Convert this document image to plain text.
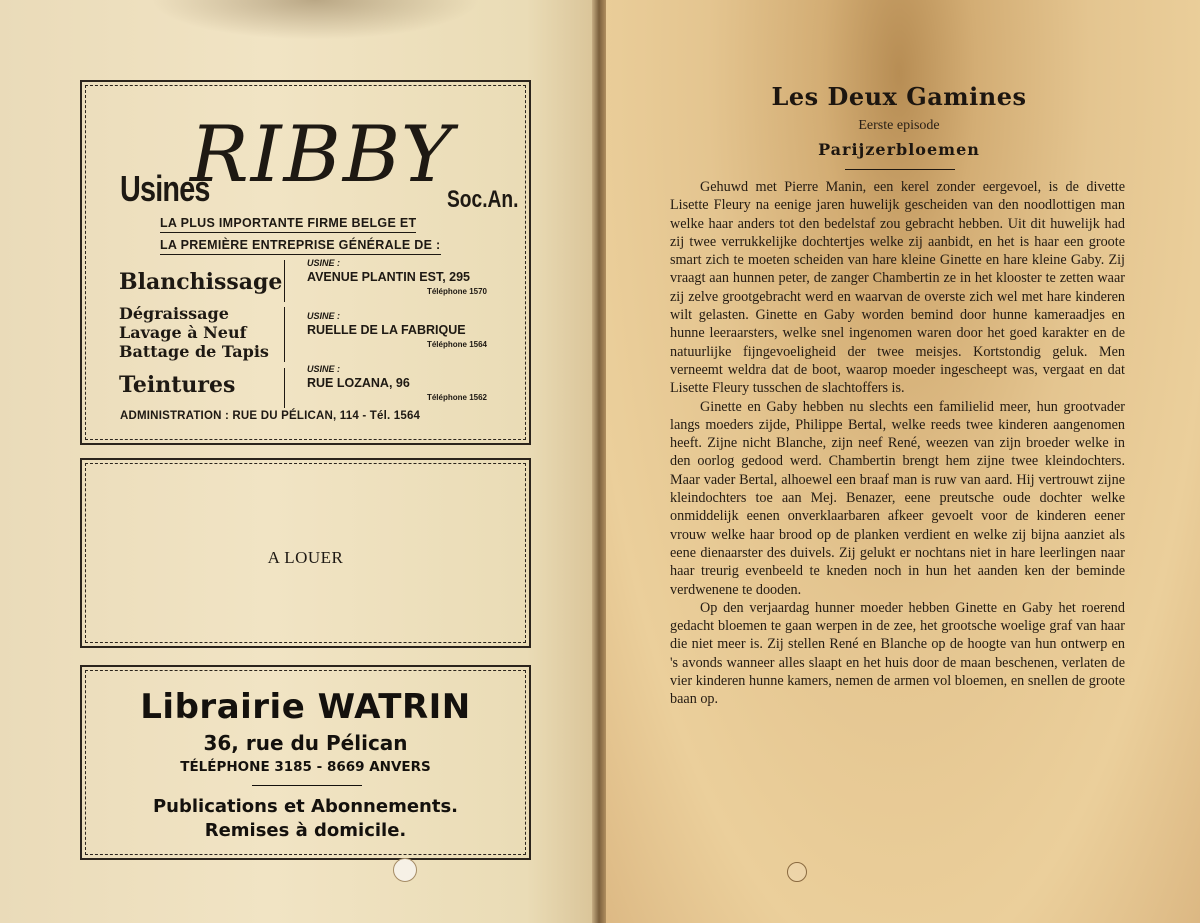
Usines
RIBBY
Soc.An.
LA PLUS IMPORTANTE FIRME BELGE ET
LA PREMIÈRE ENTREPRISE GÉNÉRALE DE :
Blanchissage
Dégraissage
Lavage à Neuf
Battage de Tapis
Teintures
USINE :
AVENUE PLANTIN EST, 295
Téléphone 1570
USINE :
RUELLE DE LA FABRIQUE
Téléphone 1564
USINE :
RUE LOZANA, 96
Téléphone 1562
ADMINISTRATION : RUE DU PÉLICAN, 114 - Tél. 1564
A LOUER
Librairie WATRIN
36, rue du Pélican
TÉLÉPHONE 3185 - 8669 ANVERS
Publications et Abonnements.
Remises à domicile.
Les Deux Gamines
Eerste episode
Parijzerbloemen

Gehuwd met Pierre Manin, een kerel zonder eergevoel, is de divette Lisette Fleury na eenige jaren huwelijk gescheiden van den noodlottigen man welke haar anders tot den bedelstaf zou gebracht hebben. Uit dit huwelijk had zij twee verrukkelijke dochtertjes welke zij aanbidt, en het is haar een groote smart zich te moeten scheiden van hare kleine Ginette en hare kleine Gaby. Zij vraagt aan hunnen peter, de zanger Chambertin ze in het klooster te zetten waar zij zelve grootgebracht werd en waarvan de overste zich wel met hare kinderen wilt gelasten. Ginette en Gaby worden bemind door hunne kameraadjes en hunne leeraarsters, welke snel ingenomen waren door het goed karakter en de natuurlijke fijngevoeligheid der twee meisjes. Kortstondig geluk. Men verneemt weldra dat de boot, waarop moeder ingescheept was, vergaat en dat Lisette Fleury tusschen de slachtoffers is.

Ginette en Gaby hebben nu slechts een familielid meer, hun grootvader langs moeders zijde, Philippe Bertal, welke reeds twee kinderen aangenomen heeft. Zijne nicht Blanche, zijn neef René, weezen van zijn broeder welke in den oorlog gedood werd. Chambertin brengt hem zijne twee kleindochters. Maar vader Bertal, alhoewel een braaf man is ruw van aard. Hij vertrouwt zijne kleindochters toe aan Mej. Benazer, eene preutsche oude dochter welke onmiddelijk eenen onverklaarbaren afkeer gevoelt voor de kinderen eener vrouw welke haar brood op de planken verdient en welke zij bijna aanziet als eene dienaarster des duivels. Zij gelukt er nochtans niet in hare leerlingen naar haar treurig evenbeeld te kneden noch in hun het aanden ken der beminde verdwenene te dooden.

Op den verjaardag hunner moeder hebben Ginette en Gaby het roerend gedacht bloemen te gaan werpen in de zee, het grootsche woelige graf van haar die niet meer is. Zij stellen René en Blanche op de hoogte van hun ontwerp en 's avonds wanneer alles slaapt en het huis door de maan beschenen, verlaten de vier kinderen hunne kamers, nemen de armen vol bloemen, en snellen de groote baan op.
